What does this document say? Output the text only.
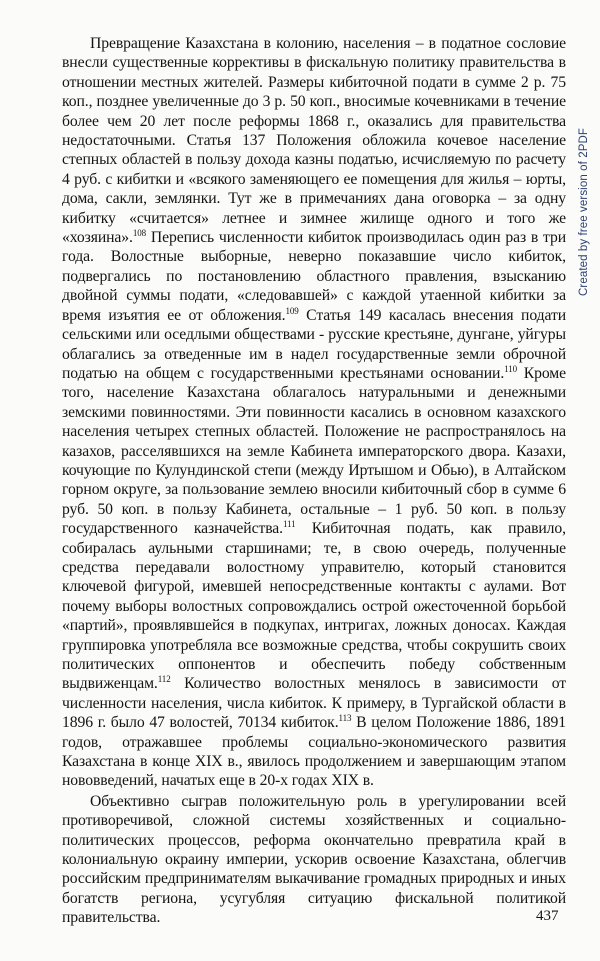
Превращение Казахстана в колонию, населения – в податное сословие внесли существенные коррективы в фискальную политику правительства в отношении местных жителей. Размеры кибиточной подати в сумме 2 р. 75 коп., позднее увеличенные до 3 р. 50 коп., вносимые кочевниками в течение более чем 20 лет после реформы 1868 г., оказались для правительства недостаточными. Статья 137 Положения обложила кочевое население степных областей в пользу дохода казны податью, исчисляемую по расчету 4 руб. с кибитки и «всякого заменяющего ее помещения для жилья – юрты, дома, сакли, землянки. Тут же в примечаниях дана оговорка – за одну кибитку «считается» летнее и зимнее жилище одного и того же «хозяина».$^{108}$ Перепись численности кибиток производилась один раз в три года. Волостные выборные, неверно показавшие число кибиток, подвергались по постановлению областного правления, взысканию двойной суммы подати, «следовавшей» с каждой утаенной кибитки за время изъятия ее от обложения.$^{109}$ Статья 149 касалась внесения подати сельскими или оседлыми обществами - русские крестьяне, дунгане, уйгуры облагались за отведенные им в надел государственные земли оброчной податью на общем с государственными крестьянами основании.$^{110}$ Кроме того, население Казахстана облагалось натуральными и денежными земскими повинностями. Эти повинности касались в основном казахского населения четырех степных областей. Положение не распространялось на казахов, расселявшихся на земле Кабинета императорского двора. Казахи, кочующие по Кулундинской степи (между Иртышом и Обью), в Алтайском горном округе, за пользование землею вносили кибиточный сбор в сумме 6 руб. 50 коп. в пользу Кабинета, остальные – 1 руб. 50 коп. в пользу государственного казначейства.$^{111}$ Кибиточная подать, как правило, собиралась аульными старшинами; те, в свою очередь, полученные средства передавали волостному управителю, который становится ключевой фигурой, имевшей непосредственные контакты с аулами. Вот почему выборы волостных сопровождались острой ожесточенной борьбой «партий», проявлявшейся в подкупах, интригах, ложных доносах. Каждая группировка употребляла все возможные средства, чтобы сокрушить своих политических оппонентов и обеспечить победу собственным выдвиженцам.$^{112}$ Количество волостных менялось в зависимости от численности населения, числа кибиток. К примеру, в Тургайской области в 1896 г. было 47 волостей, 70134 кибиток.$^{113}$ В целом Положение 1886, 1891 годов, отражавшее проблемы социально-экономического развития Казахстана в конце XIX в., явилось продолжением и завершающим этапом нововведений, начатых еще в 20-х годах XIX в.

Объективно сыграв положительную роль в урегулировании всей противоречивой, сложной системы хозяйственных и социально-политических процессов, реформа окончательно превратила край в колониальную окраину империи, ускорив освоение Казахстана, облегчив российским предпринимателям выкачивание громадных природных и иных богатств региона, усугубляя ситуацию фискальной политикой правительства.

Created by free version of 2PDF
437
